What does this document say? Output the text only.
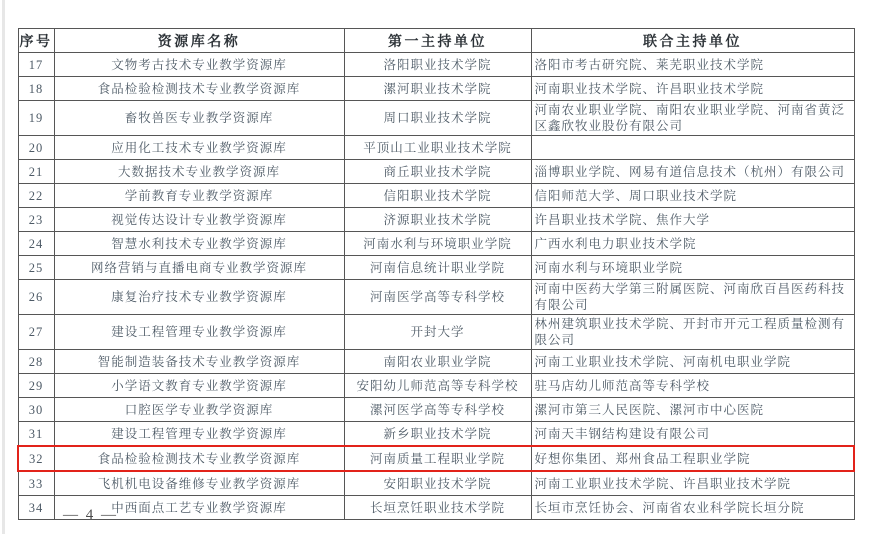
序号	资源库名称	第一主持单位	联合主持单位
17	文物考古技术专业教学资源库	洛阳职业技术学院	洛阳市考古研究院、莱芜职业技术学院
18	食品检验检测技术专业教学资源库	漯河职业技术学院	河南职业技术学院、许昌职业技术学院
19	畜牧兽医专业教学资源库	周口职业技术学院	河南农业职业学院、南阳农业职业学院、河南省黄泛区鑫欣牧业股份有限公司
20	应用化工技术专业教学资源库	平顶山工业职业技术学院	
21	大数据技术专业教学资源库	商丘职业技术学院	淄博职业学院、网易有道信息技术（杭州）有限公司
22	学前教育专业教学资源库	信阳职业技术学院	信阳师范大学、周口职业技术学院
23	视觉传达设计专业教学资源库	济源职业技术学院	许昌职业技术学院、焦作大学
24	智慧水利技术专业教学资源库	河南水利与环境职业学院	广西水利电力职业技术学院
25	网络营销与直播电商专业教学资源库	河南信息统计职业学院	河南水利与环境职业学院
26	康复治疗技术专业教学资源库	河南医学高等专科学校	河南中医药大学第三附属医院、河南欣百昌医药科技有限公司
27	建设工程管理专业教学资源库	开封大学	林州建筑职业技术学院、开封市开元工程质量检测有限公司
28	智能制造装备技术专业教学资源库	南阳农业职业学院	河南工业职业技术学院、河南机电职业学院
29	小学语文教育专业教学资源库	安阳幼儿师范高等专科学校	驻马店幼儿师范高等专科学校
30	口腔医学专业教学资源库	漯河医学高等专科学校	漯河市第三人民医院、漯河市中心医院
31	建设工程管理专业教学资源库	新乡职业技术学院	河南天丰钢结构建设有限公司
32	食品检验检测技术专业教学资源库	河南质量工程职业学院	好想你集团、郑州食品工程职业学院
33	飞机机电设备维修专业教学资源库	安阳职业技术学院	河南工业职业技术学院、许昌职业技术学院
34	中西面点工艺专业教学资源库	长垣烹饪职业技术学院	长垣市烹饪协会、河南省农业科学院长垣分院
— 4 —
